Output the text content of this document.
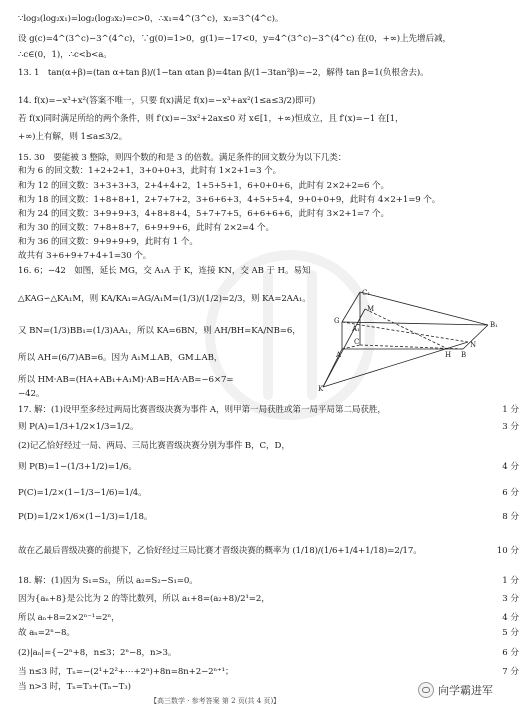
∵log₃(log₂x₁)=log₂(log₃x₂)=c>0，∴x₁=4^(3^c)，x₂=3^(4^c)。
设 g(c)=4^(3^c)−3^(4^c)，∵g(0)=1>0，g(1)=−17<0，y=4^(3^c)−3^(4^c) 在(0，+∞)上先增后减，
∴c∈(0，1)，∴c<b<a。
13. 1　tan(α+β)=(tan α+tan β)/(1−tan αtan β)=4tan β/(1−3tan²β)=−2，解得 tan β=1(负根舍去)。
14. f(x)=−x³+x²(答案不唯一，只要 f(x)满足 f(x)=−x³+ax²(1≤a≤3/2)即可)
若 f(x)同时满足所给的两个条件，则 f′(x)=−3x²+2ax≤0 对 x∈[1，+∞)恒成立，且 f′(x)=−1 在[1，
+∞)上有解，则 1≤a≤3/2。
15. 30　要能被 3 整除，则四个数的和是 3 的倍数。满足条件的回文数分为以下几类：
和为 6 的回文数：1+2+2+1，3+0+0+3，此时有 1×2+1=3 个。
和为 12 的回文数：3+3+3+3，2+4+4+2，1+5+5+1，6+0+0+6，此时有 2×2+2=6 个。
和为 18 的回文数：1+8+8+1，2+7+7+2，3+6+6+3，4+5+5+4，9+0+0+9，此时有 4×2+1=9 个。
和为 24 的回文数：3+9+9+3，4+8+8+4，5+7+7+5，6+6+6+6，此时有 3×2+1=7 个。
和为 30 的回文数：7+8+8+7，6+9+9+6，此时有 2×2=4 个。
和为 36 的回文数：9+9+9+9，此时有 1 个。
故共有 3+6+9+7+4+1=30 个。
16. 6；−42　如图，延长 MG，交 A₁A 于 K，连接 KN，交 AB 于 H。易知
△KAG∽△KA₁M，则 KA/KA₁=AG/A₁M=(1/3)/(1/2)=2/3，则 KA=2AA₁。
又 BN=(1/3)BB₁=(1/3)AA₁，所以 KA=6BN，则 AH/BH=KA/NB=6，
所以 AH=(6/7)AB=6。因为 A₁M⊥AB，GM⊥AB，
所以 HM·AB=(HA+AB₁+A₁M)·AB=HA·AB=−6×7=
−42。
C₁
G
M
A₁	B₁
C
A	H B
N
K
17. 解：(1)设甲至多经过两局比赛晋级决赛为事件 A，则甲第一局获胜或第一局平局第二局获胜，	1 分
则 P(A)=1/3+1/2×1/3=1/2。	3 分
(2)记乙恰好经过一局、两局、三局比赛晋级决赛分别为事件 B，C，D，
则 P(B)=1−(1/3+1/2)=1/6。	4 分
P(C)=1/2×(1−1/3−1/6)=1/4。	6 分
P(D)=1/2×1/6×(1−1/3)=1/18。	8 分
故在乙最后晋级决赛的前提下，乙恰好经过三局比赛才晋级决赛的概率为 (1/18)/(1/6+1/4+1/18)=2/17。	10 分
18. 解：(1)因为 S₁=S₂，所以 a₂=S₂−S₁=0。	1 分
因为{aₙ+8}是公比为 2 的等比数列，所以 a₁+8=(a₂+8)/2¹=2，	3 分
所以 aₙ+8=2×2ⁿ⁻¹=2ⁿ，	4 分
故 aₙ=2ⁿ−8。	5 分
(2)|aₙ|={−2ⁿ+8，n≤3；2ⁿ−8，n>3。	6 分
当 n≤3 时，Tₙ=−(2¹+2²+⋯+2ⁿ)+8n=8n+2−2ⁿ⁺¹；	7 分
当 n>3 时，Tₙ=T₃+(Tₙ−T₃)
【高三数学 · 参考答案 第 2 页(共 4 页)】
向学霸进军
